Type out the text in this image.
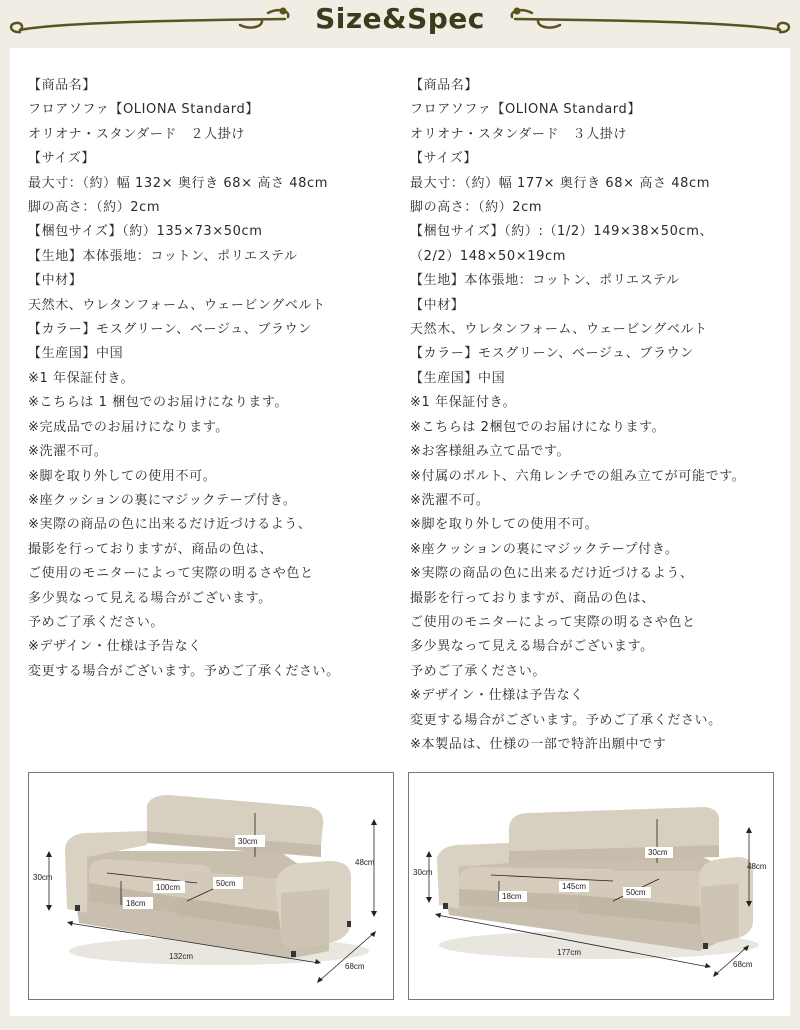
Size&Spec
【商品名】
フロアソファ【OLIONA Standard】
オリオナ・スタンダード　２人掛け
【サイズ】
最大寸：（約）幅 132× 奥行き 68× 高さ 48cm
脚の高さ：（約）2cm
【梱包サイズ】（約）135×73×50cm
【生地】本体張地：コットン、ポリエステル
【中材】
天然木、ウレタンフォーム、ウェービングベルト
【カラー】モスグリーン、ベージュ、ブラウン
【生産国】中国
※1 年保証付き。
※こちらは 1 梱包でのお届けになります。
※完成品でのお届けになります。
※洗濯不可。
※脚を取り外しての使用不可。
※座クッションの裏にマジックテープ付き。
※実際の商品の色に出来るだけ近づけるよう、
撮影を行っておりますが、商品の色は、
ご使用のモニターによって実際の明るさや色と
多少異なって見える場合がございます。
予めご了承ください。
※デザイン・仕様は予告なく
変更する場合がございます。予めご了承ください。
【商品名】
フロアソファ【OLIONA Standard】
オリオナ・スタンダード　３人掛け
【サイズ】
最大寸：（約）幅 177× 奥行き 68× 高さ 48cm
脚の高さ：（約）2cm
【梱包サイズ】（約）:（1/2）149×38×50cm、
（2/2）148×50×19cm
【生地】本体張地：コットン、ポリエステル
【中材】
天然木、ウレタンフォーム、ウェービングベルト
【カラー】モスグリーン、ベージュ、ブラウン
【生産国】中国
※1 年保証付き。
※こちらは 2梱包でのお届けになります。
※お客様組み立て品です。
※付属のボルト、六角レンチでの組み立てが可能です。
※洗濯不可。
※脚を取り外しての使用不可。
※座クッションの裏にマジックテープ付き。
※実際の商品の色に出来るだけ近づけるよう、
撮影を行っておりますが、商品の色は、
ご使用のモニターによって実際の明るさや色と
多少異なって見える場合がございます。
予めご了承ください。
※デザイン・仕様は予告なく
変更する場合がございます。予めご了承ください。
※本製品は、仕様の一部で特許出願中です
30cm
100cm	50cm
18cm
30cm
48cm
132cm
68cm
30cm
145cm
50cm
18cm
30cm
48cm
177cm
68cm
